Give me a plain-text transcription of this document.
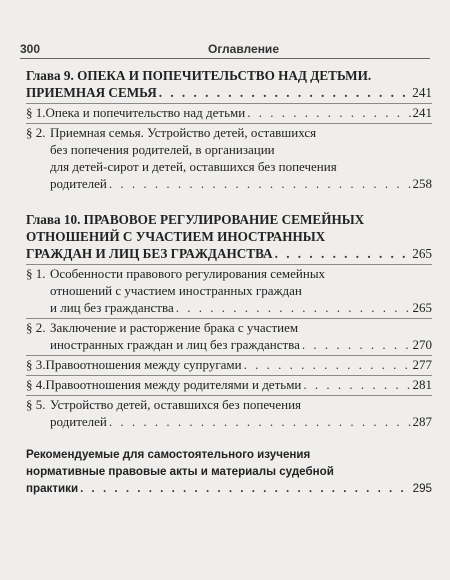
300	Оглавление
Глава 9. ОПЕКА И ПОПЕЧИТЕЛЬСТВО НАД ДЕТЬМИ.
ПРИЕМНАЯ СЕМЬЯ . . .	241
§ 1. Опека и попечительство над детьми . . .	241
§ 2. Приемная семья. Устройство детей, оставшихся
без попечения родителей, в организации
для детей-сирот и детей, оставшихся без попечения
родителей . . .	258
Глава 10. ПРАВОВОЕ РЕГУЛИРОВАНИЕ СЕМЕЙНЫХ
ОТНОШЕНИЙ С УЧАСТИЕМ ИНОСТРАННЫХ
ГРАЖДАН И ЛИЦ БЕЗ ГРАЖДАНСТВА . . .	265
§ 1. Особенности правового регулирования семейных
отношений с участием иностранных граждан
и лиц без гражданства . . .	265
§ 2. Заключение и расторжение брака с участием
иностранных граждан и лиц без гражданства . . .	270
§ 3. Правоотношения между супругами . . .	277
§ 4. Правоотношения между родителями и детьми . . .	281
§ 5. Устройство детей, оставшихся без попечения
родителей . . .	287
Рекомендуемые для самостоятельного изучения
нормативные правовые акты и материалы судебной
практики . . .	295
